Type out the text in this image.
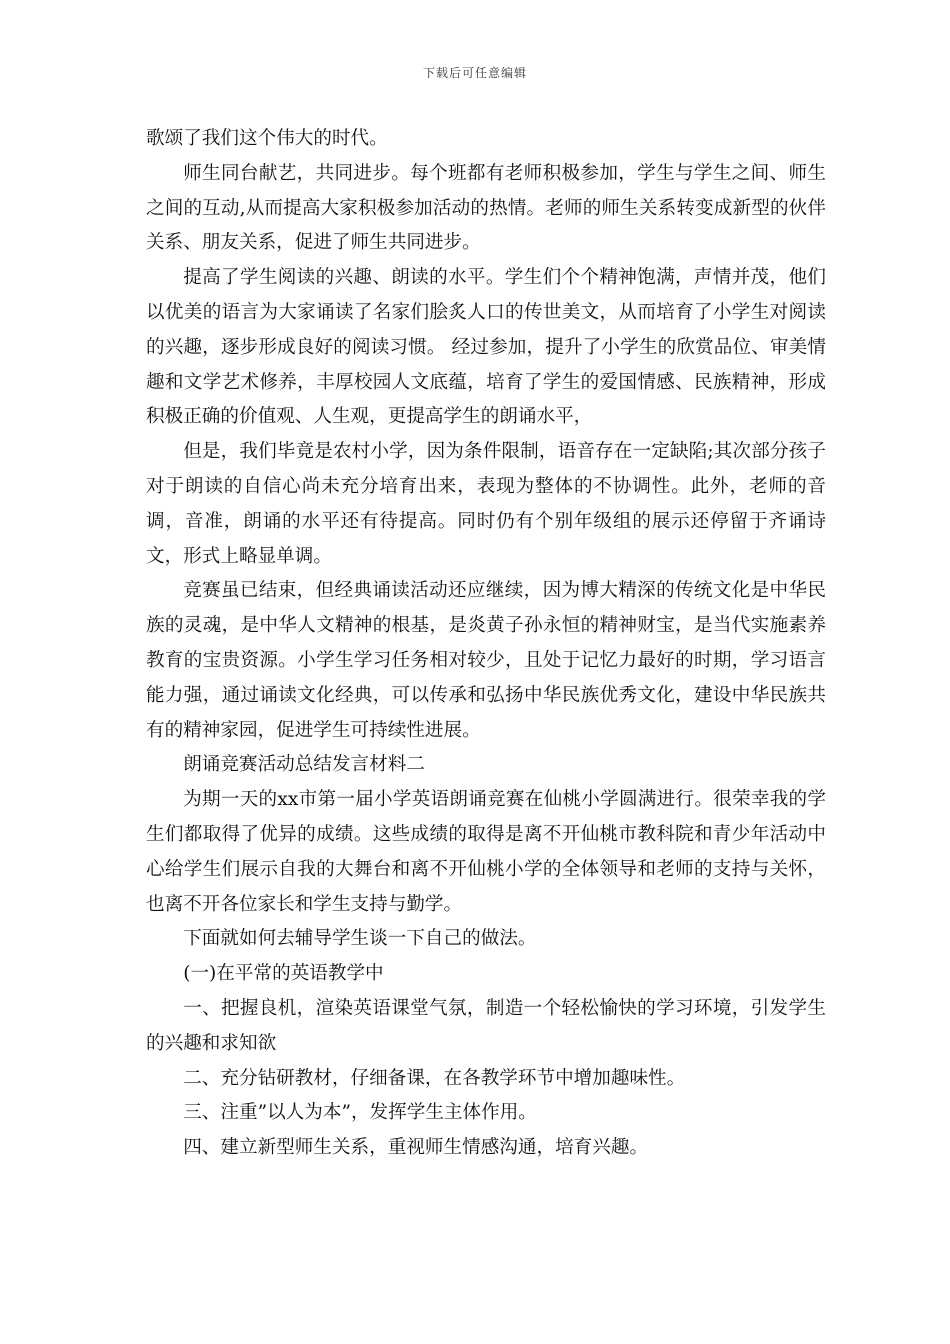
下载后可任意编辑

歌颂了我们这个伟大的时代。

师生同台献艺，共同进步。每个班都有老师积极参加，学生与学生之间、师生之间的互动,从而提高大家积极参加活动的热情。老师的师生关系转变成新型的伙伴关系、朋友关系，促进了师生共同进步。

提高了学生阅读的兴趣、朗读的水平。学生们个个精神饱满，声情并茂，他们以优美的语言为大家诵读了名家们脍炙人口的传世美文，从而培育了小学生对阅读的兴趣，逐步形成良好的阅读习惯。 经过参加，提升了小学生的欣赏品位、审美情趣和文学艺术修养，丰厚校园人文底蕴，培育了学生的爱国情感、民族精神，形成积极正确的价值观、人生观，更提高学生的朗诵水平，

但是，我们毕竟是农村小学，因为条件限制，语音存在一定缺陷;其次部分孩子对于朗读的自信心尚未充分培育出来，表现为整体的不协调性。此外，老师的音调，音准，朗诵的水平还有待提高。同时仍有个别年级组的展示还停留于齐诵诗文，形式上略显单调。

竞赛虽已结束，但经典诵读活动还应继续，因为博大精深的传统文化是中华民族的灵魂，是中华人文精神的根基，是炎黄子孙永恒的精神财宝，是当代实施素养教育的宝贵资源。小学生学习任务相对较少，且处于记忆力最好的时期，学习语言能力强，通过诵读文化经典，可以传承和弘扬中华民族优秀文化，建设中华民族共有的精神家园，促进学生可持续性进展。

朗诵竞赛活动总结发言材料二

为期一天的xx市第一届小学英语朗诵竞赛在仙桃小学圆满进行。很荣幸我的学生们都取得了优异的成绩。这些成绩的取得是离不开仙桃市教科院和青少年活动中心给学生们展示自我的大舞台和离不开仙桃小学的全体领导和老师的支持与关怀，也离不开各位家长和学生支持与勤学。

下面就如何去辅导学生谈一下自己的做法。

(一)在平常的英语教学中

一、把握良机，渲染英语课堂气氛，制造一个轻松愉快的学习环境，引发学生的兴趣和求知欲

二、充分钻研教材，仔细备课，在各教学环节中增加趣味性。

三、注重”以人为本”，发挥学生主体作用。

四、建立新型师生关系，重视师生情感沟通，培育兴趣。
